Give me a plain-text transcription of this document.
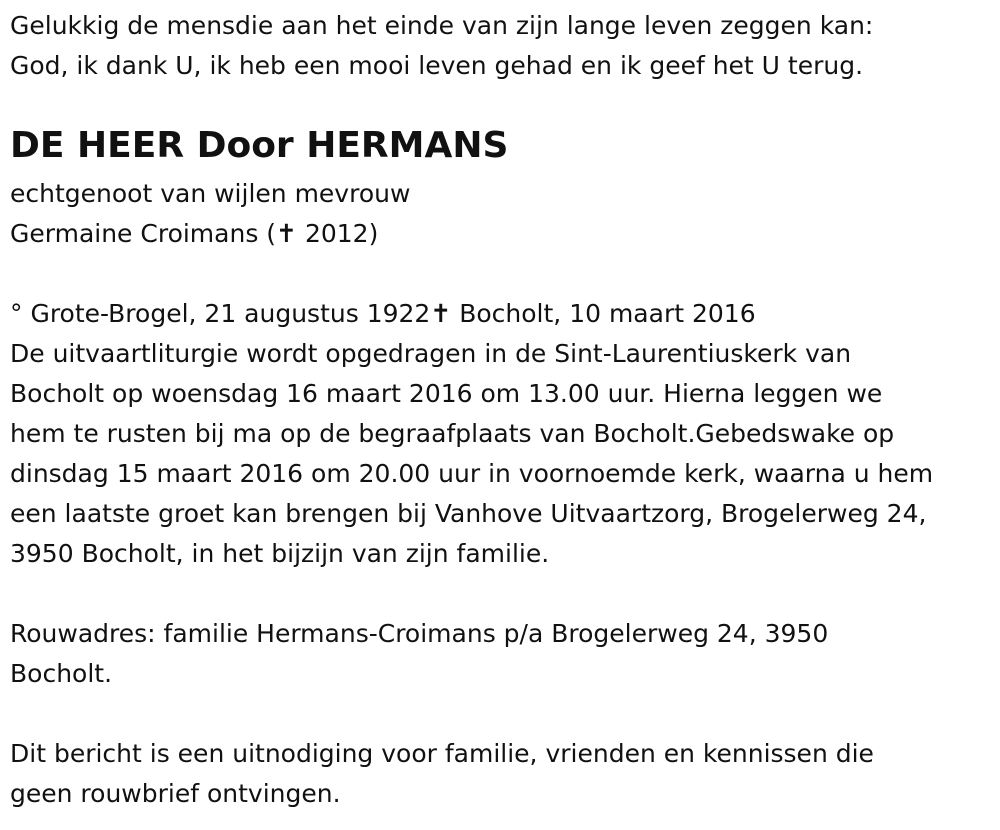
Gelukkig de mensdie aan het einde van zijn lange leven zeggen kan:
God, ik dank U, ik heb een mooi leven gehad en ik geef het U terug.
DE HEER Door HERMANS
echtgenoot van wijlen mevrouw
Germaine Croimans (✝ 2012)
° Grote-Brogel, 21 augustus 1922✝ Bocholt, 10 maart 2016
De uitvaartliturgie wordt opgedragen in de Sint-Laurentiuskerk van
Bocholt op woensdag 16 maart 2016 om 13.00 uur. Hierna leggen we
hem te rusten bij ma op de begraafplaats van Bocholt.Gebedswake op
dinsdag 15 maart 2016 om 20.00 uur in voornoemde kerk, waarna u hem
een laatste groet kan brengen bij Vanhove Uitvaartzorg, Brogelerweg 24,
3950 Bocholt, in het bijzijn van zijn familie.
Rouwadres: familie Hermans-Croimans p/a Brogelerweg 24, 3950
Bocholt.
Dit bericht is een uitnodiging voor familie, vrienden en kennissen die
geen rouwbrief ontvingen.
